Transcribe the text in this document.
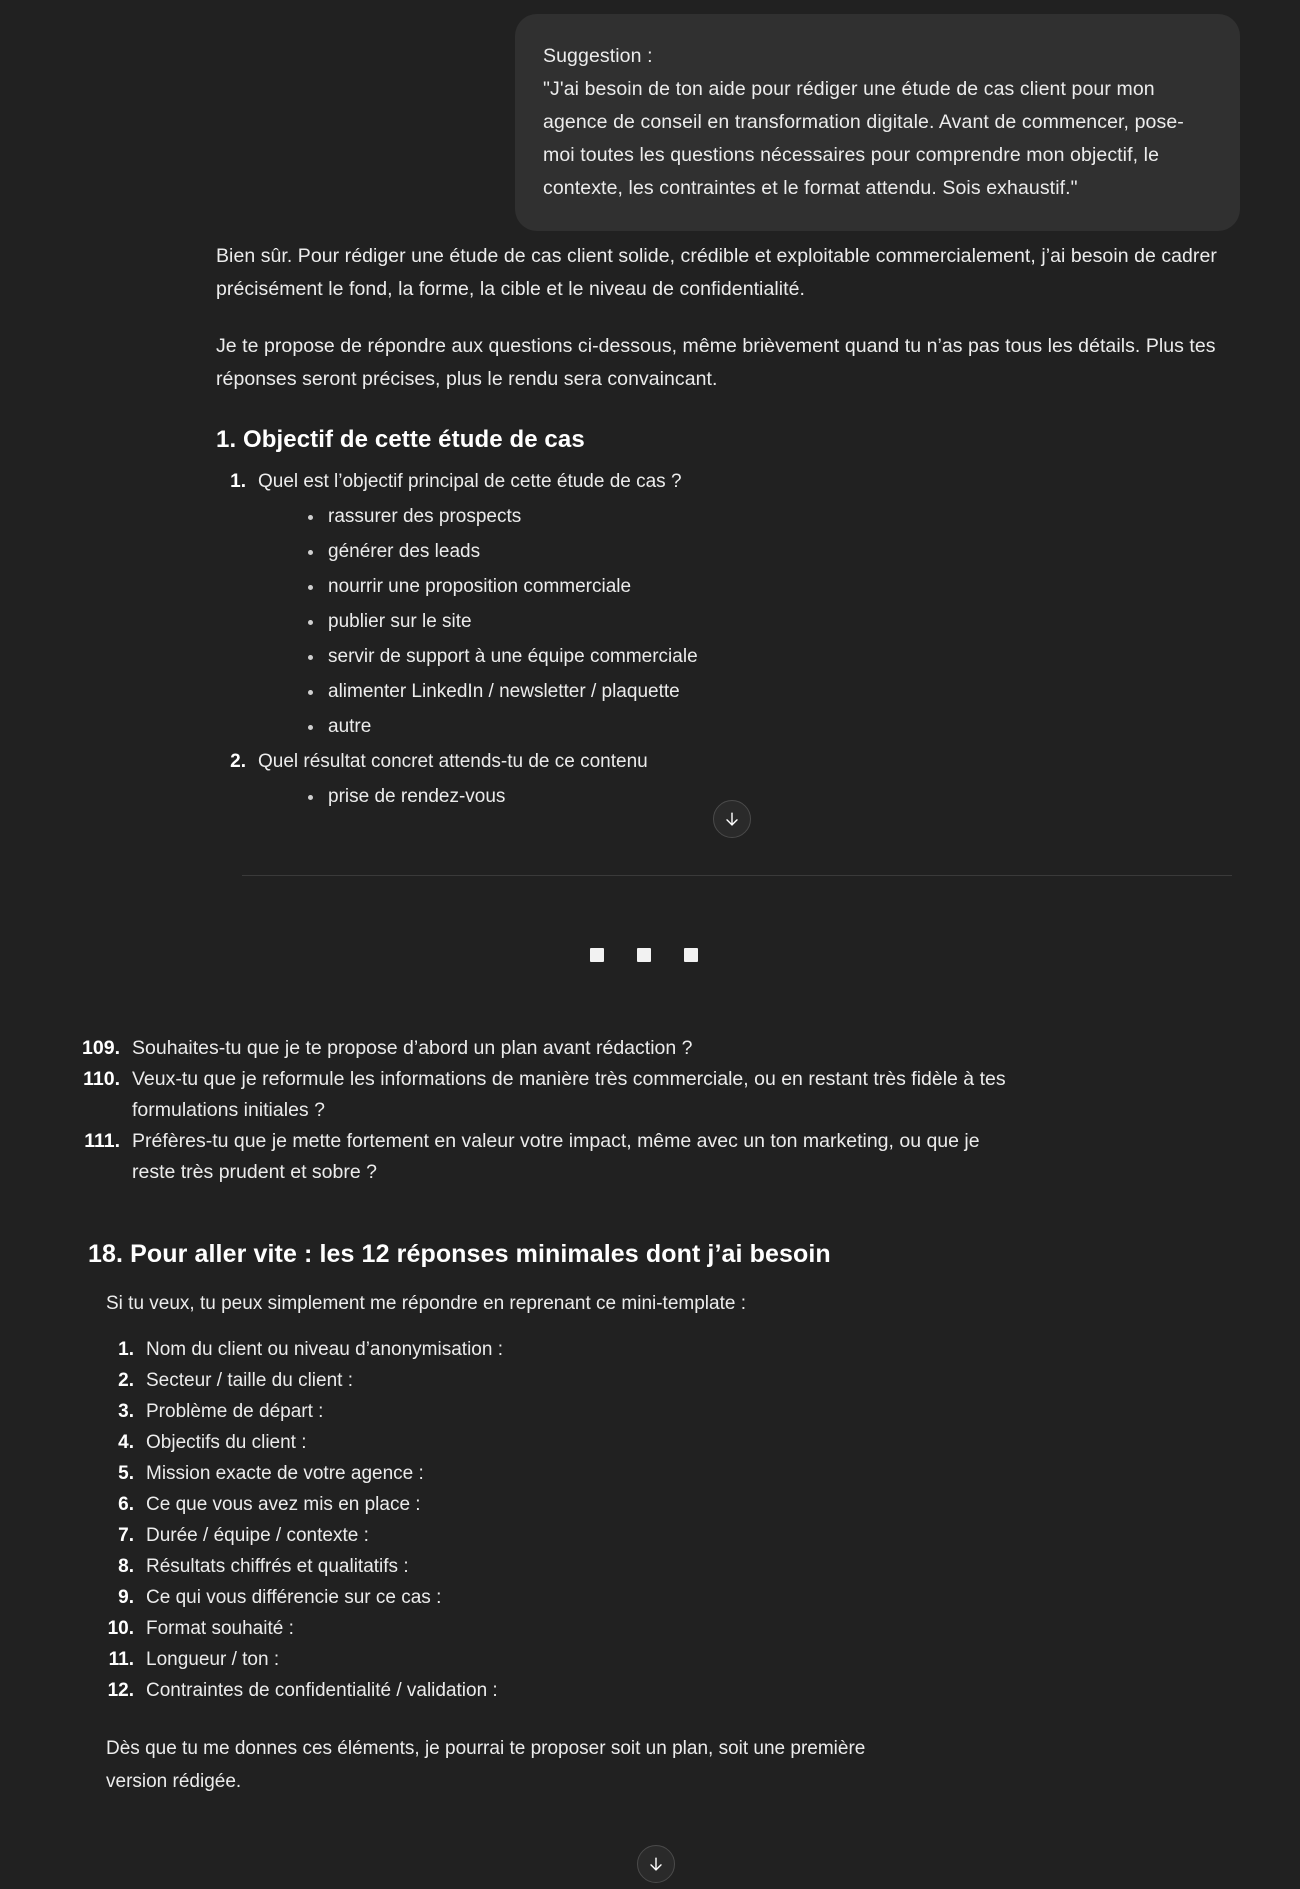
Suggestion :
"J'ai besoin de ton aide pour rédiger une étude de cas client pour mon agence de conseil en transformation digitale. Avant de commencer, pose-moi toutes les questions nécessaires pour comprendre mon objectif, le contexte, les contraintes et le format attendu. Sois exhaustif."

Bien sûr. Pour rédiger une étude de cas client solide, crédible et exploitable commercialement, j’ai besoin de cadrer précisément le fond, la forme, la cible et le niveau de confidentialité.

Je te propose de répondre aux questions ci-dessous, même brièvement quand tu n’as pas tous les détails. Plus tes réponses seront précises, plus le rendu sera convaincant.

1. Objectif de cette étude de cas
1. Quel est l’objectif principal de cette étude de cas ?
rassurer des prospects
générer des leads
nourrir une proposition commerciale
publier sur le site
servir de support à une équipe commerciale
alimenter LinkedIn / newsletter / plaquette
autre
2. Quel résultat concret attends-tu de ce contenu
prise de rendez-vous
109. Souhaites-tu que je te propose d’abord un plan avant rédaction ?
110. Veux-tu que je reformule les informations de manière très commerciale, ou en restant très fidèle à tes formulations initiales ?
111. Préfères-tu que je mette fortement en valeur votre impact, même avec un ton marketing, ou que je reste très prudent et sobre ?
18. Pour aller vite : les 12 réponses minimales dont j’ai besoin

Si tu veux, tu peux simplement me répondre en reprenant ce mini-template :

1. Nom du client ou niveau d’anonymisation :
2. Secteur / taille du client :
3. Problème de départ :
4. Objectifs du client :
5. Mission exacte de votre agence :
6. Ce que vous avez mis en place :
7. Durée / équipe / contexte :
8. Résultats chiffrés et qualitatifs :
9. Ce qui vous différencie sur ce cas :
10. Format souhaité :
11. Longueur / ton :
12. Contraintes de confidentialité / validation :

Dès que tu me donnes ces éléments, je pourrai te proposer soit un plan, soit une première version rédigée.
